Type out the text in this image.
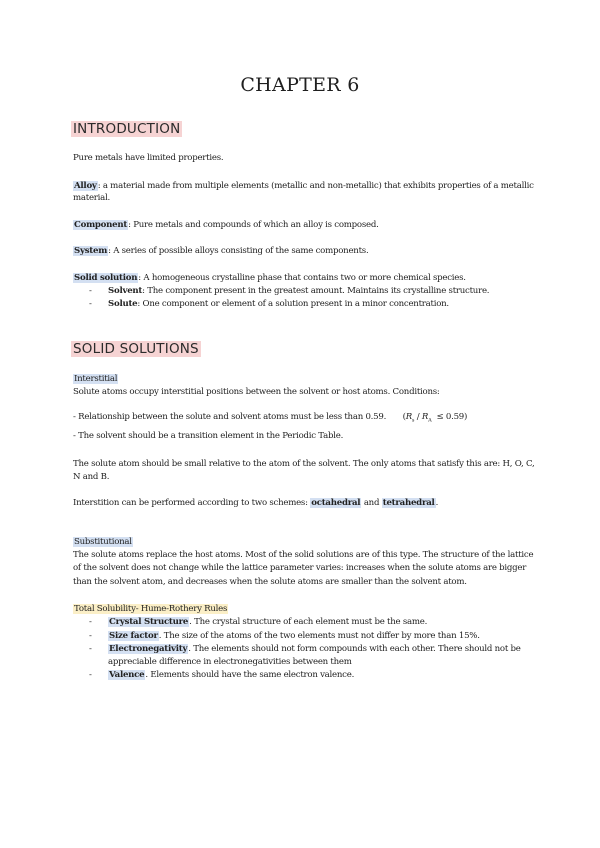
CHAPTER 6
INTRODUCTION
Pure metals have limited properties.
Alloy: a material made from multiple elements (metallic and non-metallic) that exhibits properties of a metallic
material.
Component: Pure metals and compounds of which an alloy is composed.
System: A series of possible alloys consisting of the same components.
Solid solution: A homogeneous crystalline phase that contains two or more chemical species.
- Solvent: The component present in the greatest amount. Maintains its crystalline structure.
- Solute: One component or element of a solution present in a minor concentration.
SOLID SOLUTIONS
Interstitial
Solute atoms occupy interstitial positions between the solvent or host atoms. Conditions:
- Relationship between the solute and solvent atoms must be less than 0.59. $(R_s / R_A \le 0.59)$
- The solvent should be a transition element in the Periodic Table.
The solute atom should be small relative to the atom of the solvent. The only atoms that satisfy this are: H, O, C,
N and B.
Interstition can be performed according to two schemes: octahedral and tetrahedral.
Substitutional
The solute atoms replace the host atoms. Most of the solid solutions are of this type. The structure of the lattice
of the solvent does not change while the lattice parameter varies: increases when the solute atoms are bigger
than the solvent atom, and decreases when the solute atoms are smaller than the solvent atom.
Total Solubility- Hume-Rothery Rules
- Crystal Structure. The crystal structure of each element must be the same.
- Size factor. The size of the atoms of the two elements must not differ by more than 15%.
- Electronegativity. The elements should not form compounds with each other. There should not be
appreciable difference in electronegativities between them
- Valence. Elements should have the same electron valence.
